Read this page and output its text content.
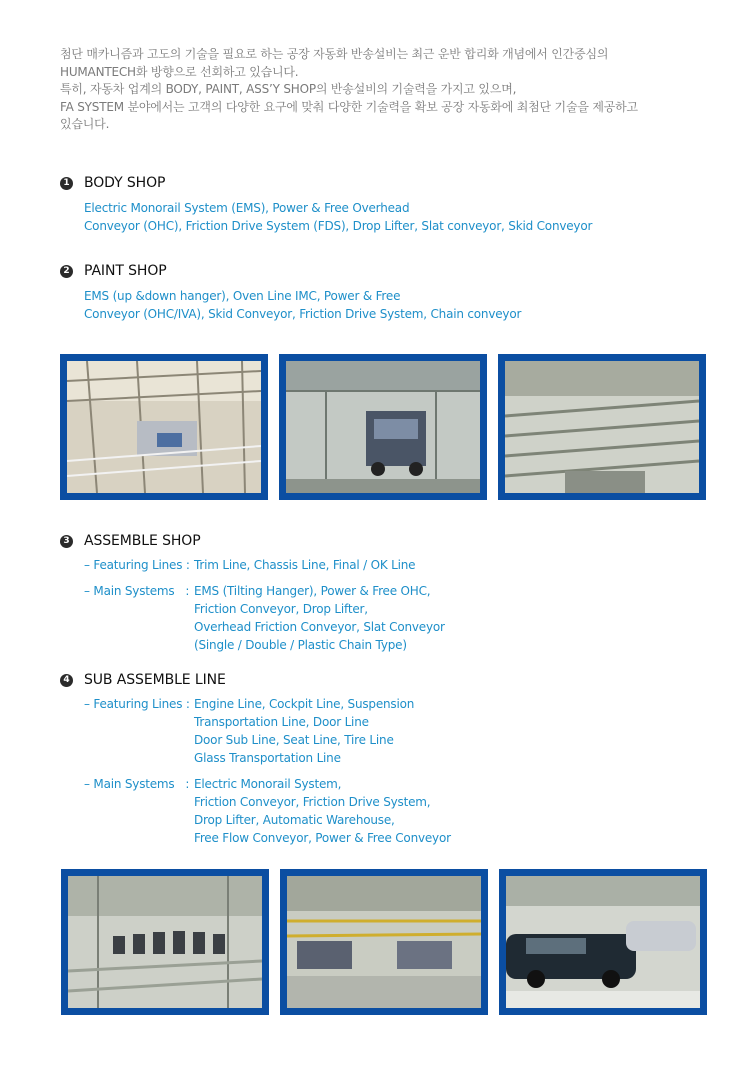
첨단 매카니즘과 고도의 기술을 필요로 하는 공장 자동화 반송설비는 최근 운반 합리화 개념에서 인간중심의

HUMANTECH화 방향으로 선회하고 있습니다.

특히, 자동차 업계의 BODY, PAINT, ASS’Y SHOP의 반송설비의 기술력을 가지고 있으며,

FA SYSTEM 분야에서는 고객의 다양한 요구에 맞춰 다양한 기술력을 확보 공장 자동화에 최첨단 기술을 제공하고

있습니다.

1 BODY SHOP

Electric Monorail System (EMS), Power & Free Overhead

Conveyor (OHC), Friction Drive System (FDS), Drop Lifter, Slat conveyor, Skid Conveyor

2 PAINT SHOP

EMS (up &down hanger), Oven Line IMC, Power & Free

Conveyor (OHC/IVA), Skid Conveyor, Friction Drive System, Chain conveyor

3 ASSEMBLE SHOP
– Featuring Lines : Trim Line, Chassis Line, Final / OK Line

– Main Systems   : EMS (Tilting Hanger), Power & Free OHC,

Friction Conveyor, Drop Lifter,

Overhead Friction Conveyor, Slat Conveyor

(Single / Double / Plastic Chain Type)

4 SUB ASSEMBLE LINE
– Featuring Lines : Engine Line, Cockpit Line, Suspension

Transportation Line, Door Line

Door Sub Line, Seat Line, Tire Line

Glass Transportation Line

– Main Systems   : Electric Monorail System,

Friction Conveyor, Friction Drive System,

Drop Lifter, Automatic Warehouse,

Free Flow Conveyor, Power & Free Conveyor
